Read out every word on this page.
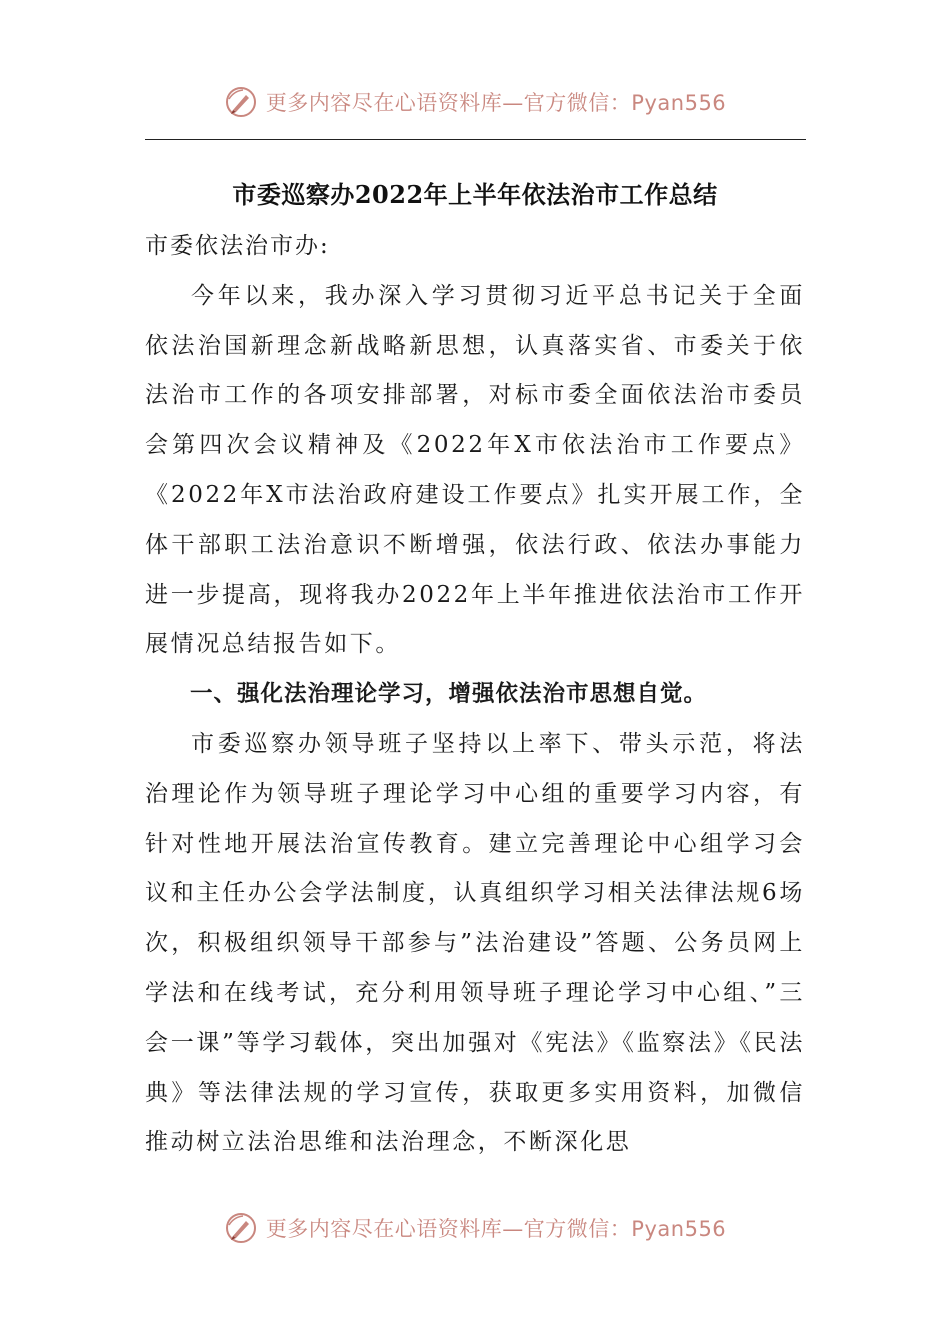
更多内容尽在心语资料库—官方微信：Pyan556
市委巡察办2022年上半年依法治市工作总结

市委依法治市办:

今年以来，我办深入学习贯彻习近平总书记关于全面依法治国新理念新战略新思想，认真落实省、市委关于依法治市工作的各项安排部署，对标市委全面依法治市委员会第四次会议精神及《2022年X市依法治市工作要点》《2022年X市法治政府建设工作要点》扎实开展工作，全体干部职工法治意识不断增强，依法行政、依法办事能力进一步提高，现将我办2022年上半年推进依法治市工作开展情况总结报告如下。

一、强化法治理论学习，增强依法治市思想自觉。

市委巡察办领导班子坚持以上率下、带头示范，将法治理论作为领导班子理论学习中心组的重要学习内容，有针对性地开展法治宣传教育。建立完善理论中心组学习会议和主任办公会学法制度，认真组织学习相关法律法规6场次，积极组织领导干部参与”法治建设”答题、公务员网上学法和在线考试，充分利用领导班子理论学习中心组、”三会一课”等学习载体，突出加强对《宪法》《监察法》《民法典》等法律法规的学习宣传，获取更多实用资料，加微信推动树立法治思维和法治理念，不断深化思

更多内容尽在心语资料库—官方微信：Pyan556
